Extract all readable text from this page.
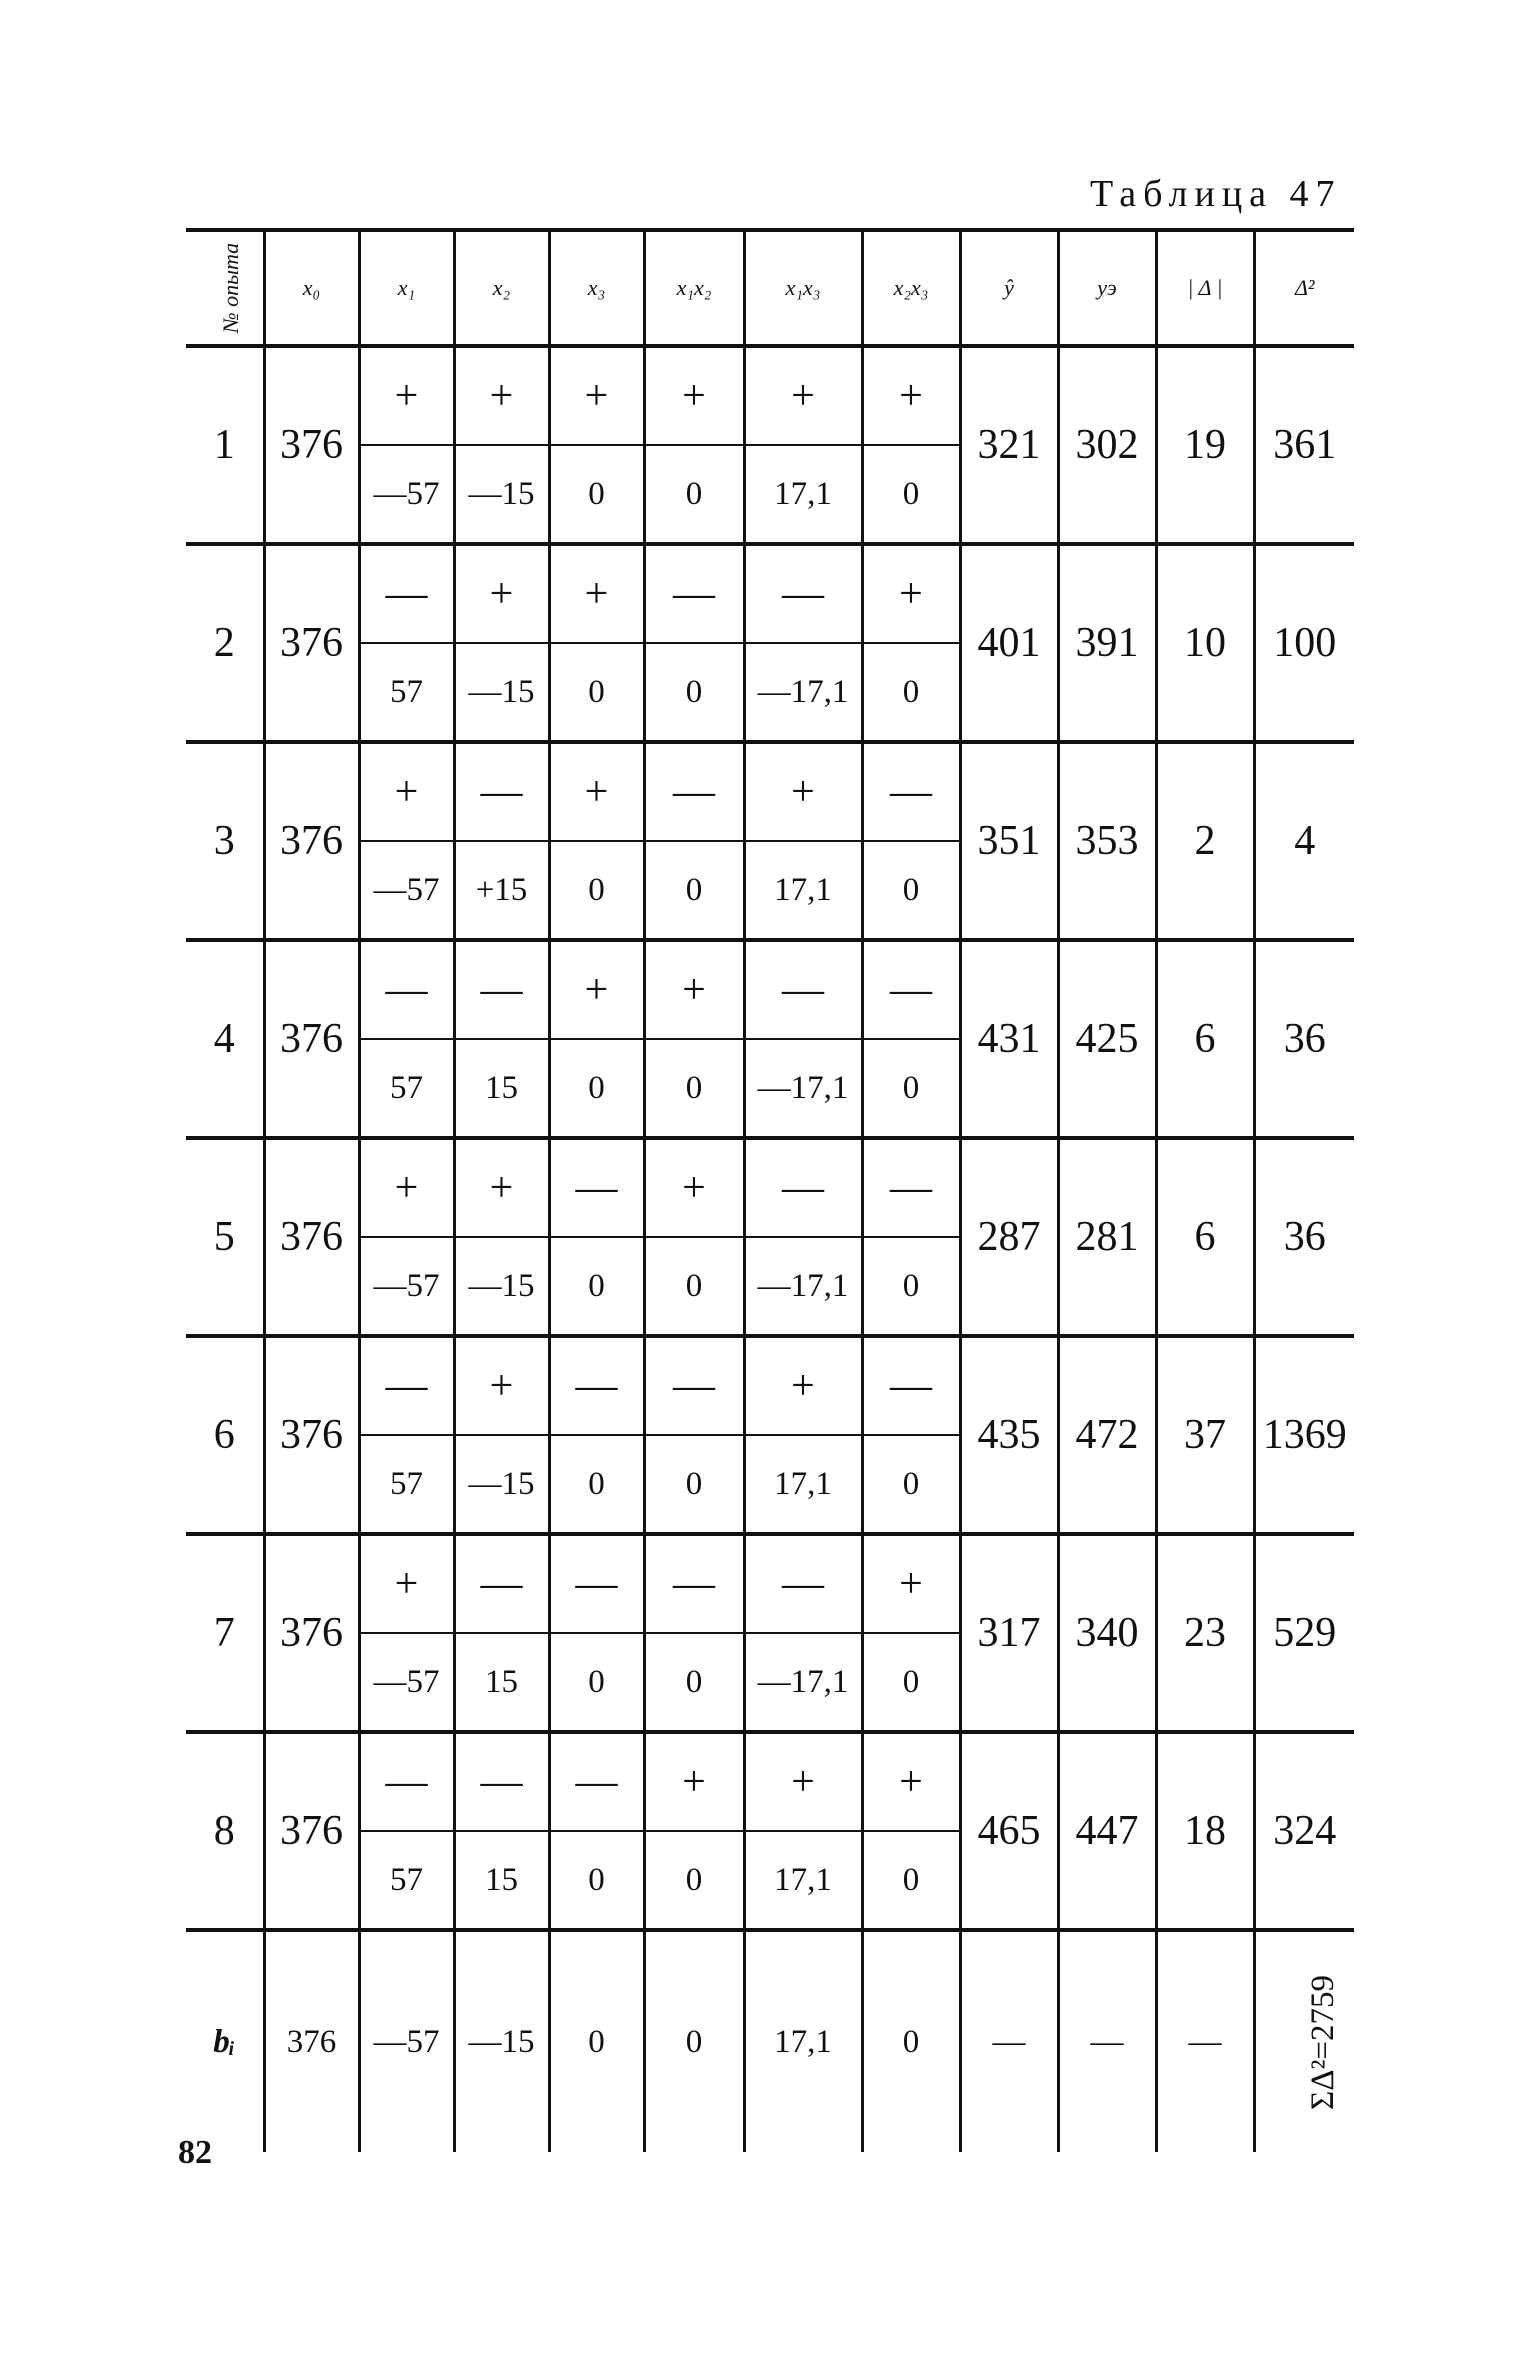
Таблица 47
№ опыта	x₀	x₁	x₂	x₃	x₁x₂	x₁x₃	x₂x₃	ŷ	yэ	| Δ |	Δ²
1	376	+	+	+	+	+	+	321	302	19	361
		—57	—15	0	0	17,1	0				

2	376	—	+	+	—	—	+	401	391	10	100
		57	—15	0	0	—17,1	0				

3	376	+	—	+	—	+	—	351	353	2	4
		—57	+15	0	0	17,1	0				

4	376	—	—	+	+	—	—	431	425	6	36
		57	15	0	0	—17,1	0				

5	376	+	+	—	+	—	—	287	281	6	36
		—57	—15	0	0	—17,1	0				

6	376	—	+	—	—	+	—	435	472	37	1369
		57	—15	0	0	17,1	0				

7	376	+	—	—	—	—	+	317	340	23	529
		—57	15	0	0	—17,1	0				

8	376	—	—	—	+	+	+	465	447	18	324
		57	15	0	0	17,1	0				

bᵢ	376	—57	—15	0	0	17,1	0	—	—	—	ΣΔ²=2759
82
